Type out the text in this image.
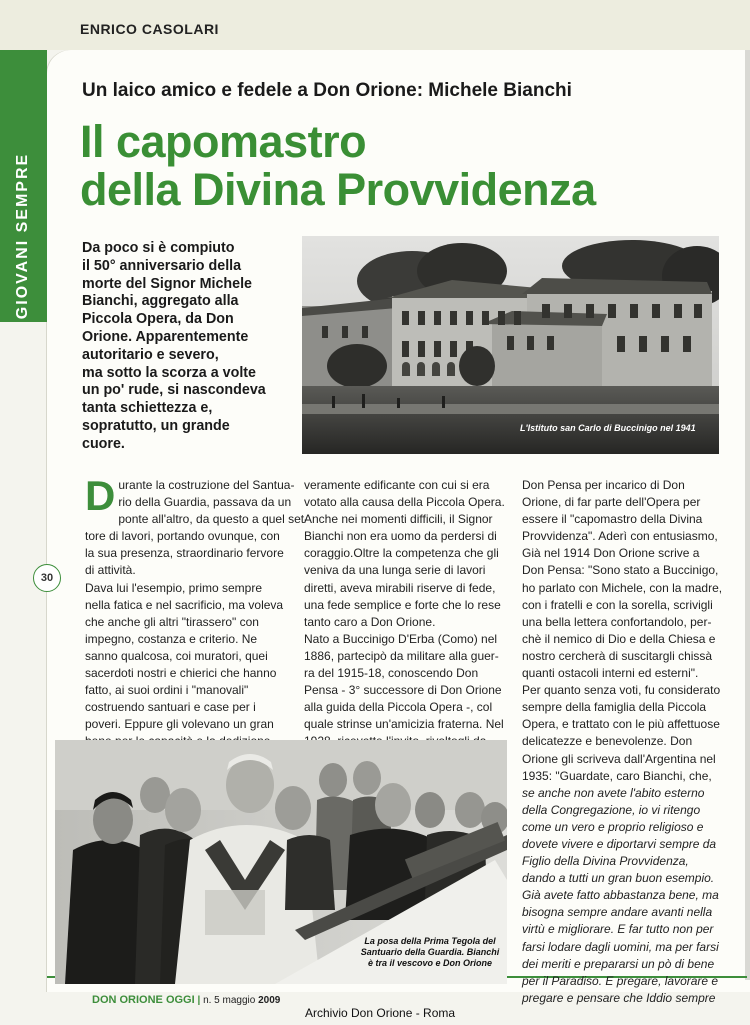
ENRICO CASOLARI
GIOVANI SEMPRE
Un laico amico e fedele a Don Orione: Michele Bianchi
Il capomastro
della Divina Provvidenza

Da poco si è compiuto

il 50° anniversario della

morte del Signor Michele

Bianchi, aggregato alla

Piccola Opera, da Don

Orione. Apparentemente

autoritario e severo,

ma sotto la scorza a volte

un po' rude, si nascondeva

tanta schiettezza e,

sopratutto, un grande

cuore.

L'Istituto san Carlo di Buccinigo nel 1941
30
D urante la costruzione del Santua-

rio della Guardia, passava da un

ponte all'altro, da questo a quel set-

tore di lavori, portando ovunque, con

la sua presenza, straordinario fervore

di attività.

Dava lui l'esempio, primo sempre

nella fatica e nel sacrificio, ma voleva

che anche gli altri "tirassero" con

impegno, costanza e criterio. Ne

sanno qualcosa, coi muratori, quei

sacerdoti nostri e chierici che hanno

fatto, ai suoi ordini i "manovali"

costruendo santuari e case per i

poveri. Eppure gli volevano un gran

veramente edificante con cui si era

votato alla causa della Piccola Opera.

Anche nei momenti difficili, il Signor

Bianchi non era uomo da perdersi di

coraggio.Oltre la competenza che gli

veniva da una lunga serie di lavori

diretti, aveva mirabili riserve di fede,

una fede semplice e forte che lo rese

tanto caro a Don Orione.

Nato a Buccinigo D'Erba (Como) nel

1886, partecipò da militare alla guer-

ra del 1915-18, conoscendo Don

Pensa - 3° successore di Don Orione

alla guida della Piccola Opera -, col

quale strinse un'amicizia fraterna. Nel

Don Pensa per incarico di Don

Orione, di far parte dell'Opera per

essere il "capomastro della Divina

Provvidenza". Aderì con entusiasmo,

Già nel 1914 Don Orione scrive a

Don Pensa: "Sono stato a Buccinigo,

ho parlato con Michele, con la madre,

con i fratelli e con la sorella, scrivigli

una bella lettera confortandolo, per-

chè il nemico di Dio e della Chiesa e

nostro cercherà di suscitargli chissà

quanti ostacoli interni ed esterni".

Per quanto senza voti, fu considerato

sempre della famiglia della Piccola

Opera, e trattato con le più affettuose

delicatezze e benevolenze. Don

Orione gli scriveva dall'Argentina nel

1935: "Guardate, caro Bianchi, che,

se anche non avete l'abito esterno

della Congregazione, io vi ritengo

come un vero e proprio religioso e

dovete vivere e diportarvi sempre da

Figlio della Divina Provvidenza,

dando a tutti un gran buon esempio.

Già avete fatto abbastanza bene, ma

bisogna sempre andare avanti nella

virtù e migliorare. E far tutto non per

farsi lodare dagli uomini, ma per farsi

dei meriti e prepararsi un pò di bene

per il Paradiso. E pregare, lavorare e

pregare e pensare che Iddio sempre

La posa della Prima Tegola del
Santuario della Guardia. Bianchi
è tra il vescovo e Don Orione
DON ORIONE OGGI | n. 5 maggio 2009
Archivio Don Orione - Roma
